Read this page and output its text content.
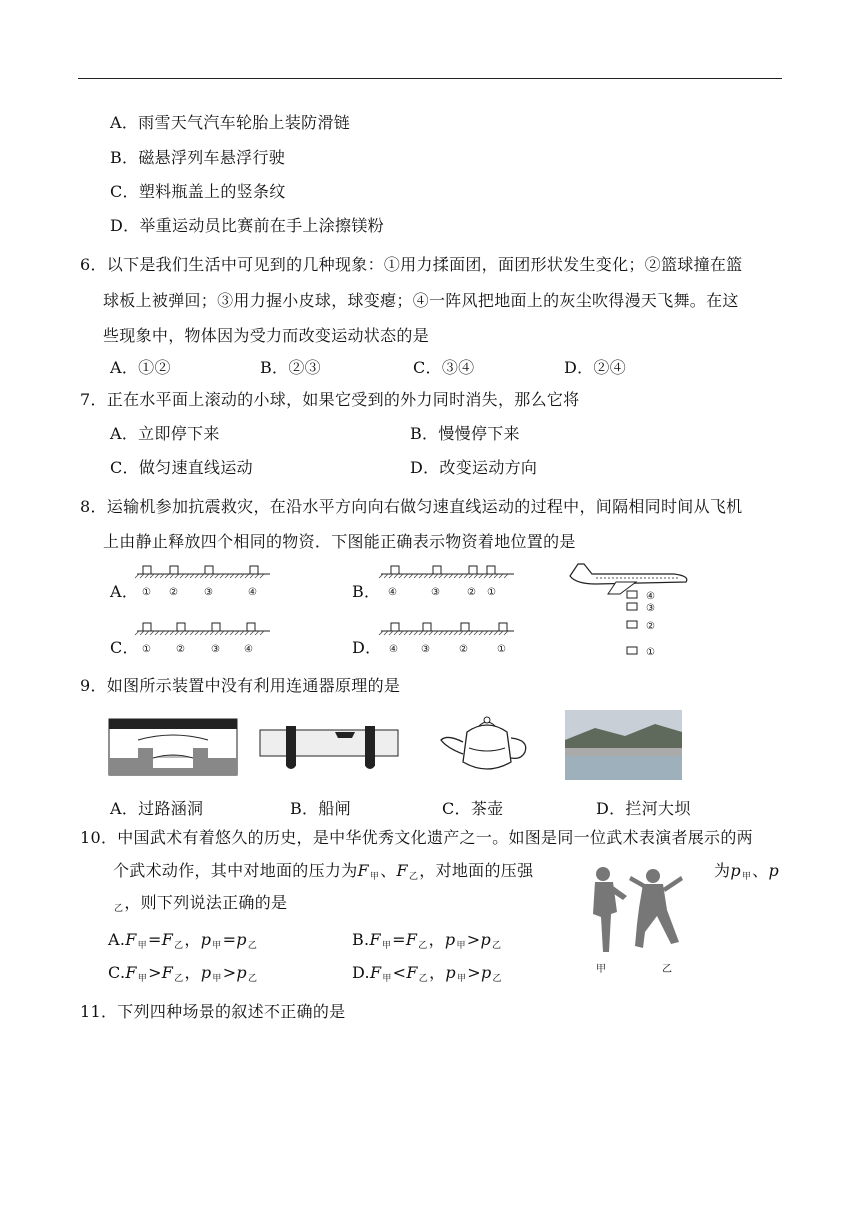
A．雨雪天气汽车轮胎上装防滑链
B．磁悬浮列车悬浮行驶
C．塑料瓶盖上的竖条纹
D．举重运动员比赛前在手上涂擦镁粉
6．以下是我们生活中可见到的几种现象：①用力揉面团，面团形状发生变化；②篮球撞在篮
球板上被弹回；③用力握小皮球，球变瘪；④一阵风把地面上的灰尘吹得漫天飞舞。在这
些现象中，物体因为受力而改变运动状态的是
A．①②	B．②③	C．③④	D．②④
7．正在水平面上滚动的小球，如果它受到的外力同时消失，那么它将
A．立即停下来	B．慢慢停下来
C．做匀速直线运动	D．改变运动方向
8．运输机参加抗震救灾，在沿水平方向向右做匀速直线运动的过程中，间隔相同时间从飞机
上由静止释放四个相同的物资．下图能正确表示物资着地位置的是
A．	B．
C．	D．
① ②	③	④	④	③	② ①
① ②	③ ④	④ ③	②	①
④
③
②
①
9．如图所示装置中没有利用连通器原理的是
A．过路涵洞	B．船闸	C．茶壶	D．拦河大坝
10．中国武术有着悠久的历史，是中华优秀文化遗产之一。如图是同一位武术表演者展示的两
个武术动作，其中对地面的压力为$F_甲$、$F_乙$，对地面的压强	为$p_甲$、p
$_乙$，则下列说法正确的是
$A.F_甲=F_乙$，$p_甲=p_乙$	$B.F_甲=F_乙$，$p_甲>p_乙$
$C.F_甲>F_乙$，$p_甲>p_乙$	$D.F_甲<F_乙$，$p_甲>p_乙$
甲	乙
11．下列四种场景的叙述不正确的是
